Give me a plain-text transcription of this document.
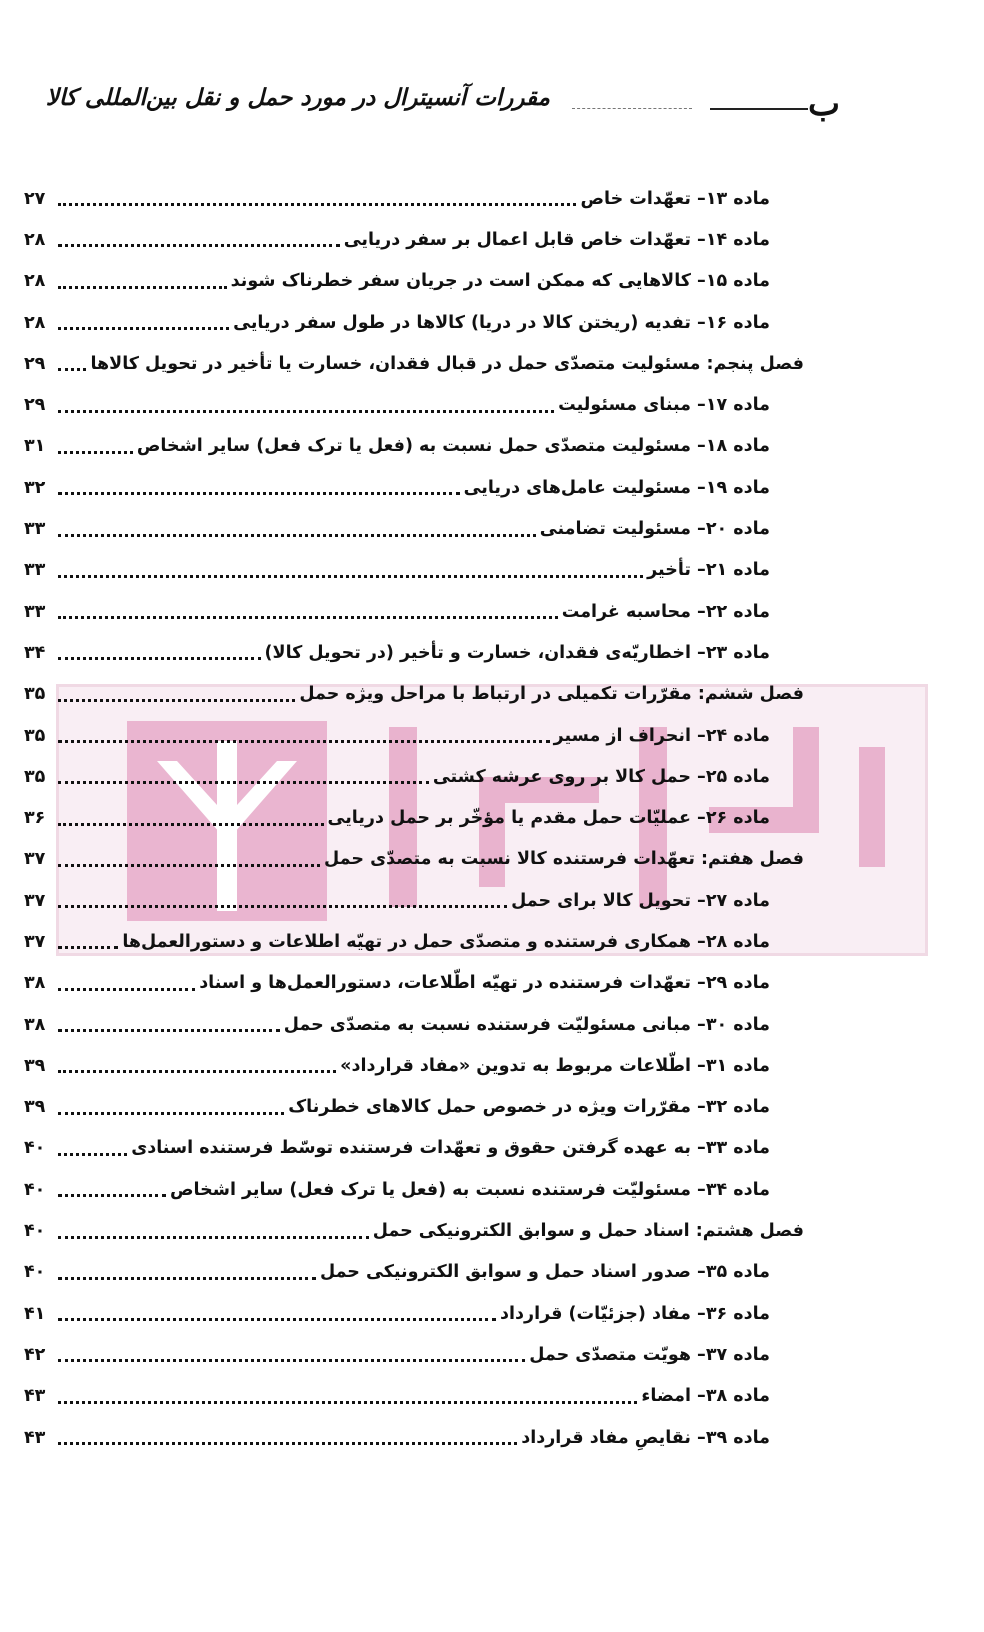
ب
مقررات آنسیترال در مورد حمل و نقل بین‌المللی کالا
ماده ۱۳– تعهّدات خاص
۲۷
ماده ۱۴– تعهّدات خاص قابل اعمال بر سفر دریایی
۲۸
ماده ۱۵– کالاهایی که ممکن است در جریان سفر خطرناک شوند
۲۸
ماده ۱۶– تفدیه (ریختن کالا در دریا) کالاها در طول سفر دریایی
۲۸
فصل پنجم: مسئولیت متصدّی حمل در قبال فقدان، خسارت یا تأخیر در تحویل کالاها
۲۹
ماده ۱۷– مبنای مسئولیت
۲۹
ماده ۱۸– مسئولیت متصدّی حمل نسبت به (فعل یا ترک فعل) سایر اشخاص
۳۱
ماده ۱۹– مسئولیت عامل‌های دریایی
۳۲
ماده ۲۰– مسئولیت تضامنی
۳۳
ماده ۲۱– تأخیر
۳۳
ماده ۲۲– محاسبه غرامت
۳۳
ماده ۲۳– اخطاریّه‌ی فقدان، خسارت و تأخیر (در تحویل کالا)
۳۴
فصل ششم: مقرّرات تکمیلی در ارتباط با مراحل ویژه حمل
۳۵
ماده ۲۴– انحراف از مسیر
۳۵
ماده ۲۵– حمل کالا بر روی عرشه کشتی
۳۵
ماده ۲۶– عملیّات حمل مقدم یا مؤخّر بر حمل دریایی
۳۶
فصل هفتم: تعهّدات فرستنده کالا نسبت به متصدّی حمل
۳۷
ماده ۲۷– تحویل کالا برای حمل
۳۷
ماده ۲۸– همکاری فرستنده و متصدّی حمل در تهیّه اطلاعات و دستورالعمل‌ها
۳۷
ماده ۲۹– تعهّدات فرستنده در تهیّه اطّلاعات، دستورالعمل‌ها و اسناد
۳۸
ماده ۳۰– مبانی مسئولیّت فرستنده نسبت به متصدّی حمل
۳۸
ماده ۳۱– اطّلاعات مربوط به تدوین «مفاد قرارداد»
۳۹
ماده ۳۲– مقرّرات ویژه در خصوص حمل کالاهای خطرناک
۳۹
ماده ۳۳– به عهده گرفتن حقوق و تعهّدات فرستنده توسّط فرستنده اسنادی
۴۰
ماده ۳۴– مسئولیّت فرستنده نسبت به (فعل یا ترک فعل) سایر اشخاص
۴۰
فصل هشتم: اسناد حمل و سوابق الکترونیکی حمل
۴۰
ماده ۳۵– صدور اسناد حمل و سوابق الکترونیکی حمل
۴۰
ماده ۳۶– مفاد (جزئیّات) قرارداد
۴۱
ماده ۳۷– هویّت متصدّی حمل
۴۲
ماده ۳۸– امضاء
۴۳
ماده ۳۹– نقایصِ مفاد قرارداد
۴۳
